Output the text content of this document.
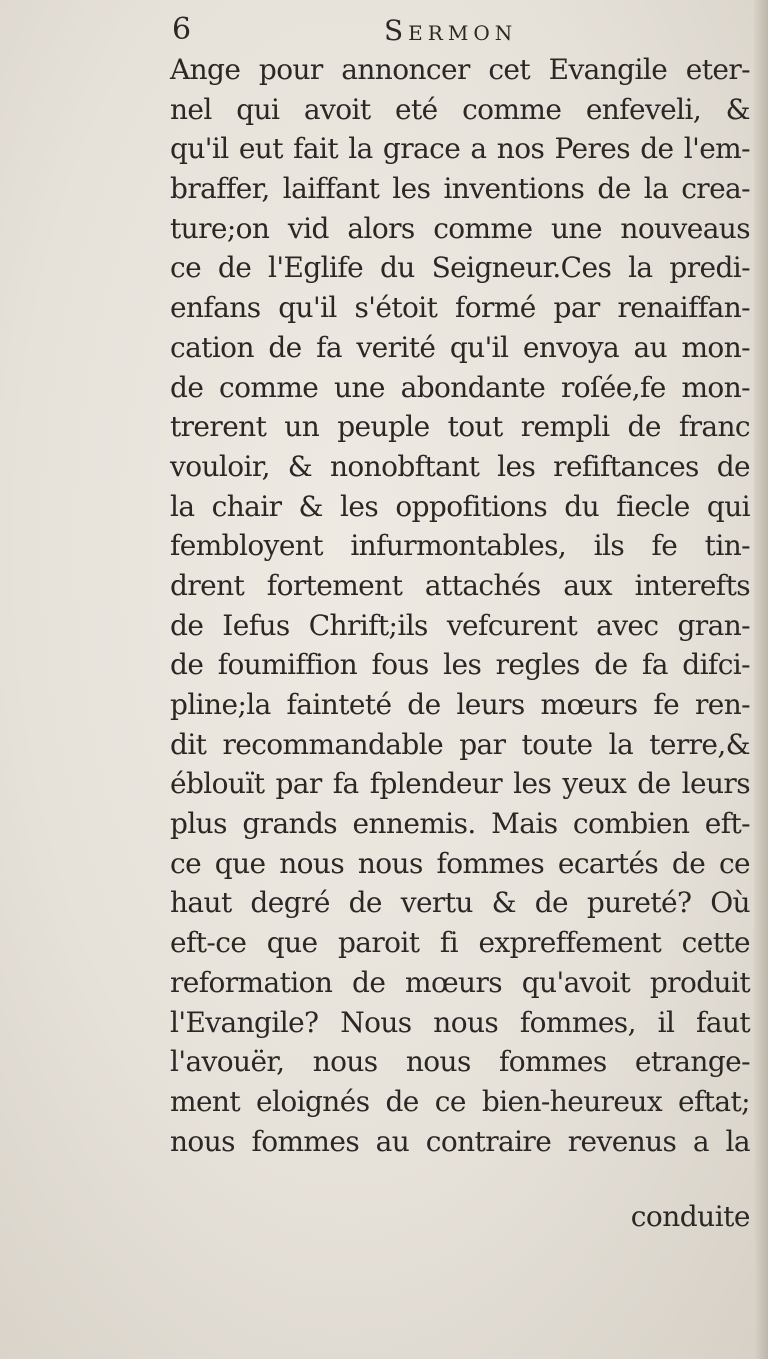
6	Sermon
Ange pour annoncer cet Evangile eter-
nel qui avoit eté comme enfeveli, &
qu'il eut fait la grace a nos Peres de l'em-
braffer, laiffant les inventions de la crea-
ture;on vid alors comme une nouveaus
ce de l'Eglife du Seigneur.Ces la predi-
enfans qu'il s'étoit formé par renaiffan-
cation de fa verité qu'il envoya au mon-
de comme une abondante roſée,fe mon-
trerent un peuple tout rempli de franc
vouloir, & nonobftant les refiftances de
la chair & les oppofitions du fiecle qui
fembloyent infurmontables, ils fe tin-
drent fortement attachés aux interefts
de Iefus Chrift;ils vefcurent avec gran-
de foumiffion fous les regles de fa difci-
pline;la fainteté de leurs mœurs fe ren-
dit recommandable par toute la terre,&
éblouït par fa fplendeur les yeux de leurs
plus grands ennemis. Mais combien eft-
ce que nous nous fommes ecartés de ce
haut degré de vertu & de pureté? Où
eft-ce que paroit fi expreffement cette
reformation de mœurs qu'avoit produit
l'Evangile? Nous nous fommes, il faut
l'avouër, nous nous fommes etrange-
ment eloignés de ce bien-heureux eftat;
nous fommes au contraire revenus a la
conduite
